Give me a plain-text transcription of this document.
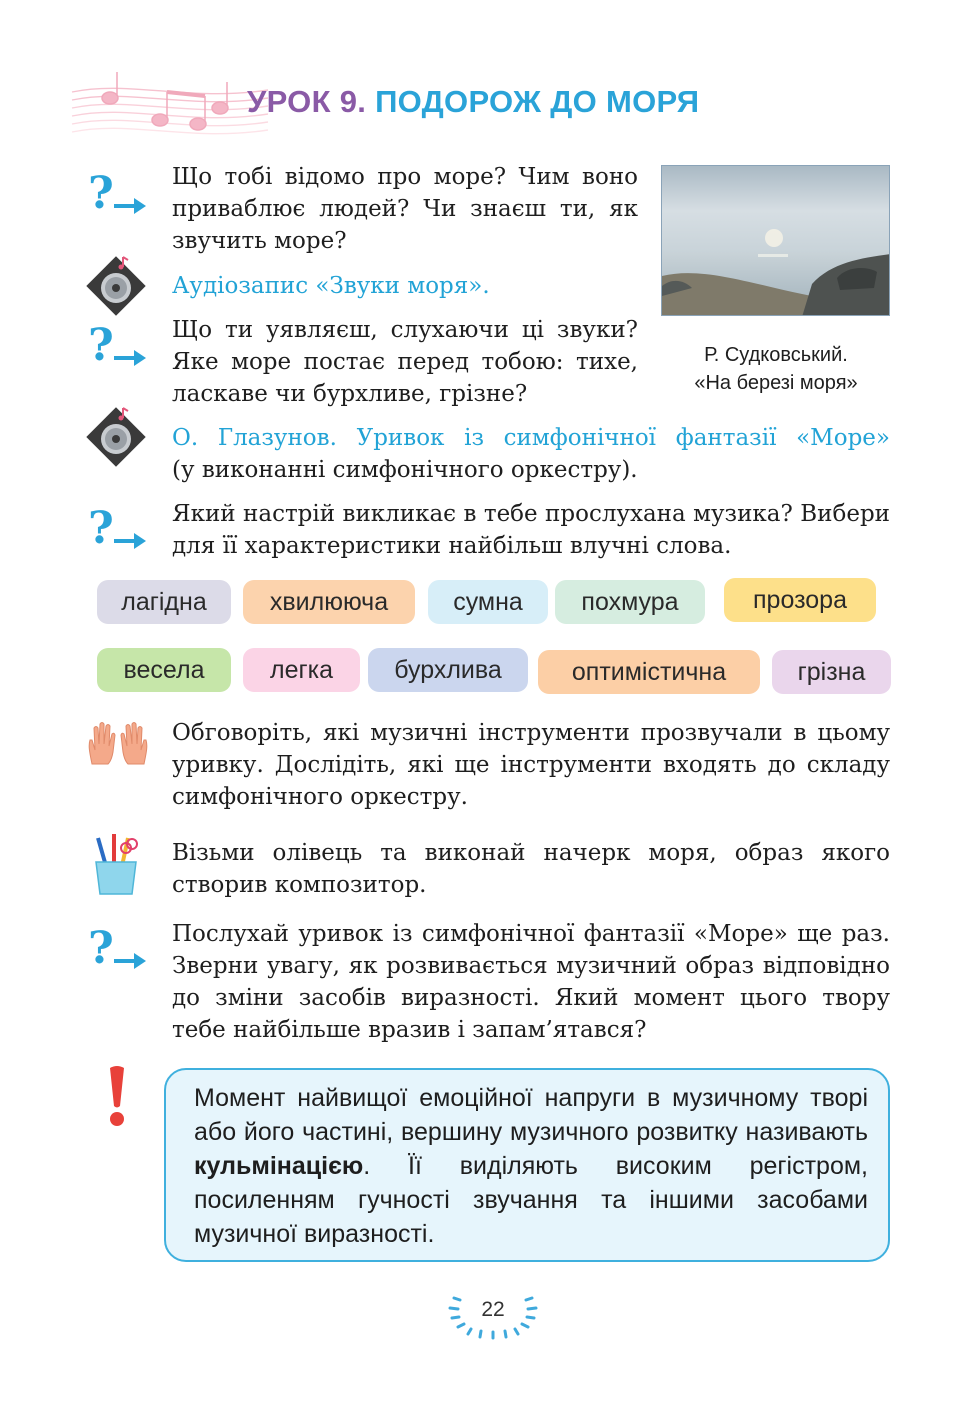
УРОК 9. ПОДОРОЖ ДО МОРЯ
?	Що тобі відомо про море? Чим воно приваблює людей? Чи знаєш ти, як звучить море?
Р. Судковський.
«На березі моря»
Аудіозапис «Звуки моря».
?	Що ти уявляєш, слухаючи ці звуки? Яке море постає перед тобою: тихе, ласкаве чи бурхливе, грізне?
О. Глазунов. Уривок із симфонічної фантазії «Море»
(у виконанні симфонічного оркестру).
?	Який настрій викликає в тебе прослухана музика? Вибери для її характеристики найбільш влучні слова.
лагідна	хвилююча	сумна похмура	прозора
весела	легка бурхлива	оптимістична	грізна
Обговоріть, які музичні інструменти прозвучали в цьому уривку. Дослідіть, які ще інструменти входять до складу симфонічного оркестру.
Візьми олівець та виконай начерк моря, образ якого створив композитор.
?	Послухай уривок із симфонічної фантазії «Море» ще раз. Зверни увагу, як розвивається музичний образ відповідно до зміни засобів виразності. Який момент цього твору тебе найбільше вразив і запам’ятався?
Момент найвищої емоційної напруги в музичному творі або його частині, вершину музичного розвитку називають кульмінацією. Її виділяють високим регістром, посиленням гучності звучання та іншими засобами музичної виразності.
22
